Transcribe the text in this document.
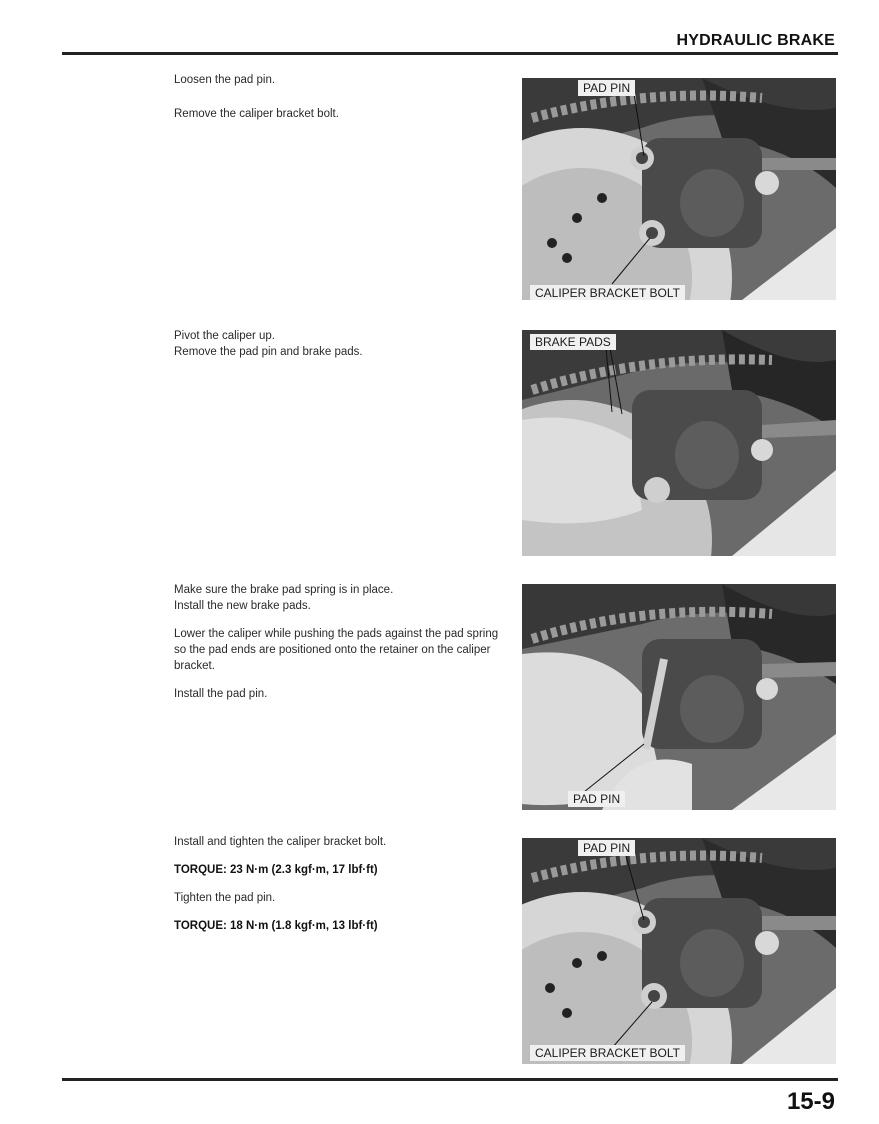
HYDRAULIC BRAKE

Loosen the pad pin.

Remove the caliper bracket bolt.

PAD PIN
CALIPER BRACKET BOLT

Pivot the caliper up.

Remove the pad pin and brake pads.

BRAKE PADS

Make sure the brake pad spring is in place.

Install the new brake pads.

Lower the caliper while pushing the pads against the pad spring so the pad ends are positioned onto the retainer on the caliper bracket.

Install the pad pin.

PAD PIN

Install and tighten the caliper bracket bolt.

TORQUE: 23 N·m (2.3 kgf·m, 17 lbf·ft)

Tighten the pad pin.

TORQUE: 18 N·m (1.8 kgf·m, 13 lbf·ft)

PAD PIN
CALIPER BRACKET BOLT
15-9
